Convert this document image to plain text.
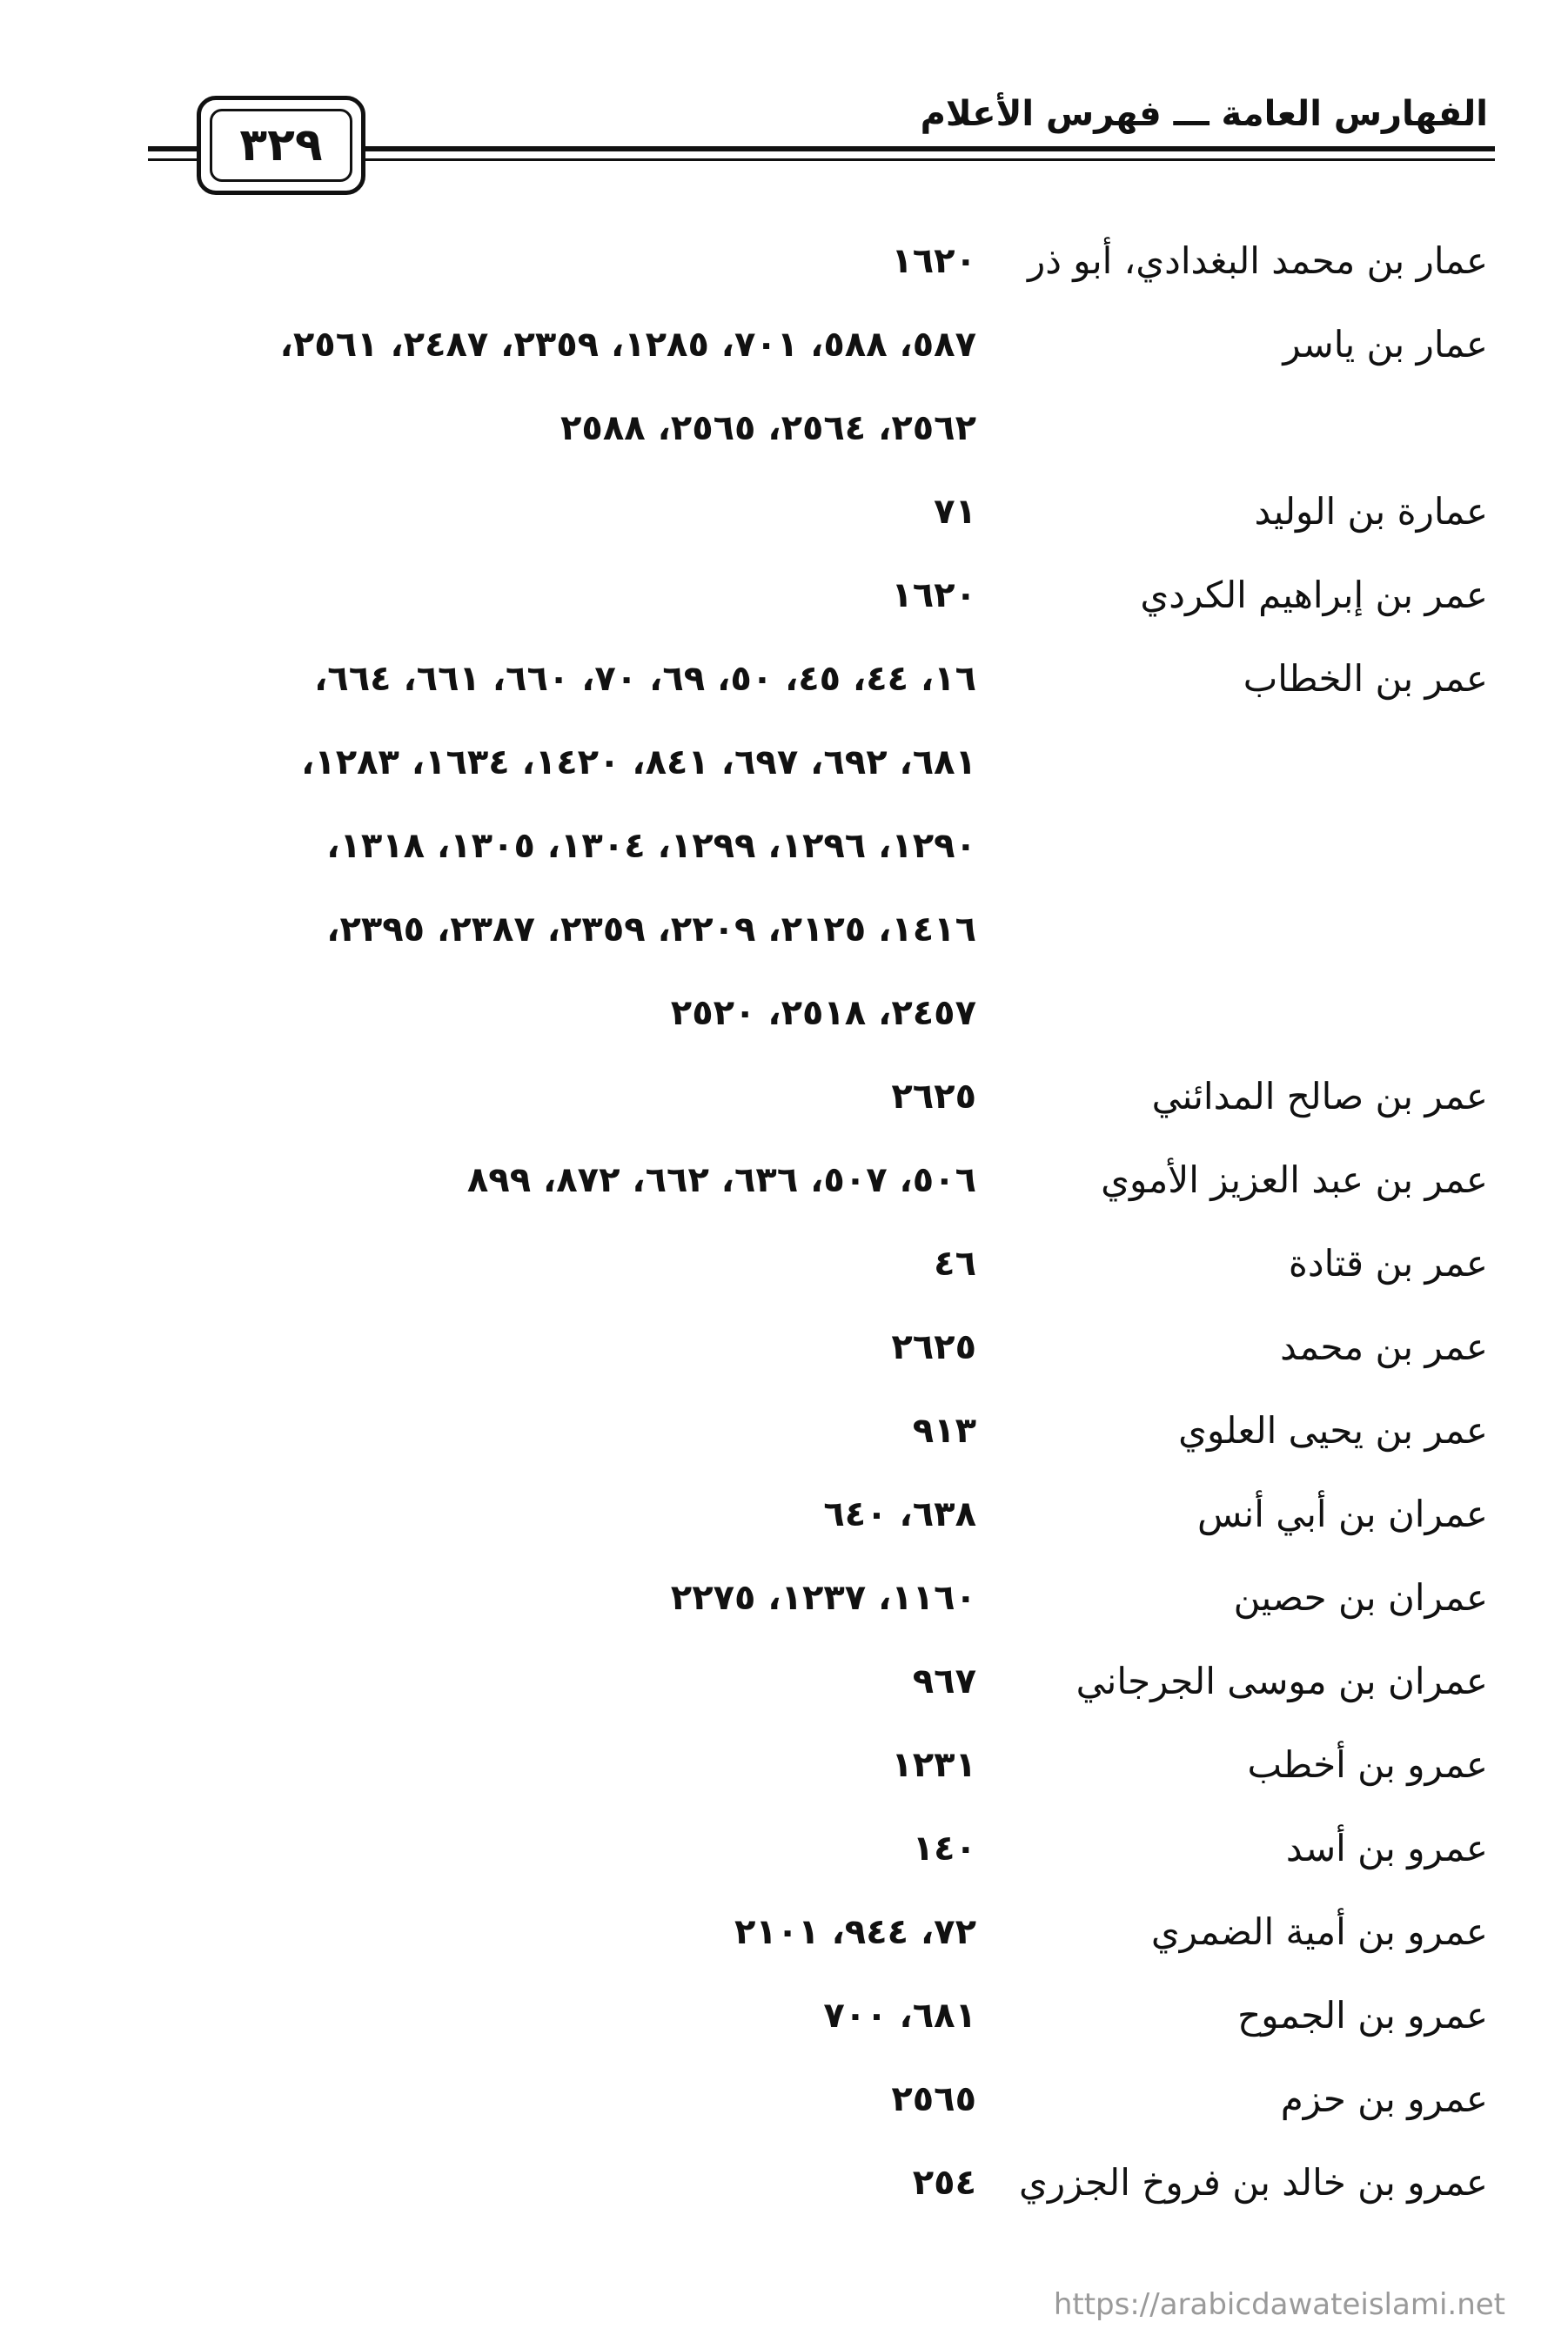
الفهارس العامة ـــ فهرس الأعلام
٣٢٩
عمار بن محمد البغدادي، أبو ذر
١٦٢٠
عمار بن ياسر
٥٨٧، ٥٨٨، ٧٠١، ١٢٨٥، ٢٣٥٩، ٢٤٨٧، ٢٥٦١،
٢٥٦٢، ٢٥٦٤، ٢٥٦٥، ٢٥٨٨
عمارة بن الوليد
٧١
عمر بن إبراهيم الكردي
١٦٢٠
عمر بن الخطاب
١٦، ٤٤، ٤٥، ٥٠، ٦٩، ٧٠، ٦٦٠، ٦٦١، ٦٦٤،
٦٨١، ٦٩٢، ٦٩٧، ٨٤١، ١٤٢٠، ١٦٣٤، ١٢٨٣،
١٢٩٠، ١٢٩٦، ١٢٩٩، ١٣٠٤، ١٣٠٥، ١٣١٨،
١٤١٦، ٢١٢٥، ٢٢٠٩، ٢٣٥٩، ٢٣٨٧، ٢٣٩٥،
٢٤٥٧، ٢٥١٨، ٢٥٢٠
عمر بن صالح المدائني
٢٦٢٥
عمر بن عبد العزيز الأموي
٥٠٦، ٥٠٧، ٦٣٦، ٦٦٢، ٨٧٢، ٨٩٩
عمر بن قتادة
٤٦
عمر بن محمد
٢٦٢٥
عمر بن يحيى العلوي
٩١٣
عمران بن أبي أنس
٦٣٨، ٦٤٠
عمران بن حصين
١١٦٠، ١٢٣٧، ٢٢٧٥
عمران بن موسى الجرجاني
٩٦٧
عمرو بن أخطب
١٢٣١
عمرو بن أسد
١٤٠
عمرو بن أمية الضمري
٧٢، ٩٤٤، ٢١٠١
عمرو بن الجموح
٦٨١، ٧٠٠
عمرو بن حزم
٢٥٦٥
عمرو بن خالد بن فروخ الجزري
٢٥٤
https://arabicdawateislami.net
